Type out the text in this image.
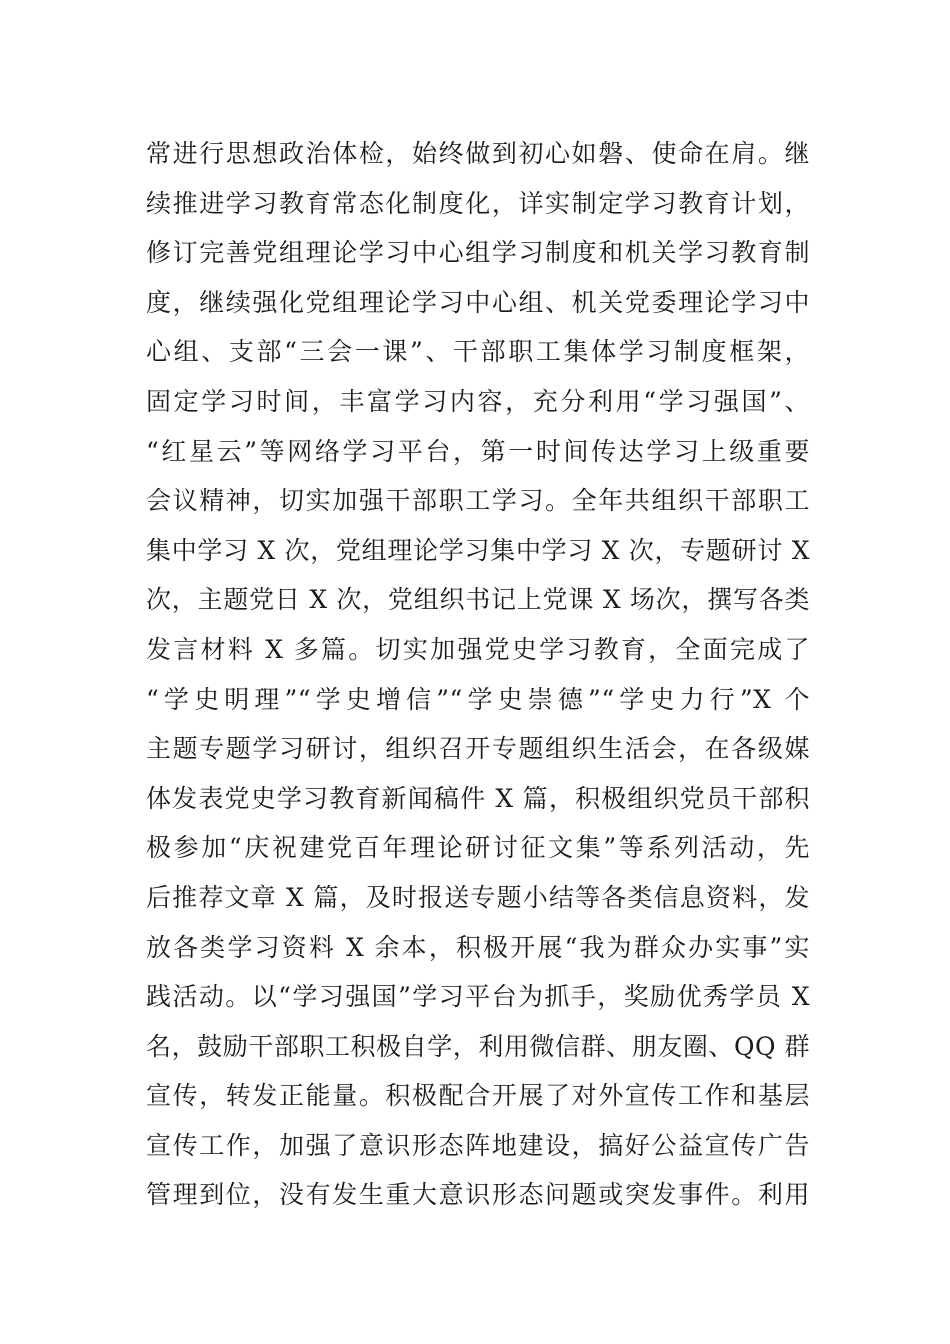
常进行思想政治体检，始终做到初心如磐、使命在肩。继
续推进学习教育常态化制度化，详实制定学习教育计划，
修订完善党组理论学习中心组学习制度和机关学习教育制
度，继续强化党组理论学习中心组、机关党委理论学习中
心组、支部“三会一课”、干部职工集体学习制度框架，
固定学习时间，丰富学习内容，充分利用“学习强国”、
“红星云”等网络学习平台，第一时间传达学习上级重要
会议精神，切实加强干部职工学习。全年共组织干部职工
集中学习 X 次，党组理论学习集中学习 X 次，专题研讨 X
次，主题党日 X 次，党组织书记上党课 X 场次，撰写各类
发言材料 X 多篇。切实加强党史学习教育，全面完成了
“学史明理”“学史增信”“学史崇德”“学史力行”X 个
主题专题学习研讨，组织召开专题组织生活会，在各级媒
体发表党史学习教育新闻稿件 X 篇，积极组织党员干部积
极参加“庆祝建党百年理论研讨征文集”等系列活动，先
后推荐文章 X 篇，及时报送专题小结等各类信息资料，发
放各类学习资料 X 余本，积极开展“我为群众办实事”实
践活动。以“学习强国”学习平台为抓手，奖励优秀学员 X
名，鼓励干部职工积极自学，利用微信群、朋友圈、QQ 群
宣传，转发正能量。积极配合开展了对外宣传工作和基层
宣传工作，加强了意识形态阵地建设，搞好公益宣传广告
管理到位，没有发生重大意识形态问题或突发事件。利用
